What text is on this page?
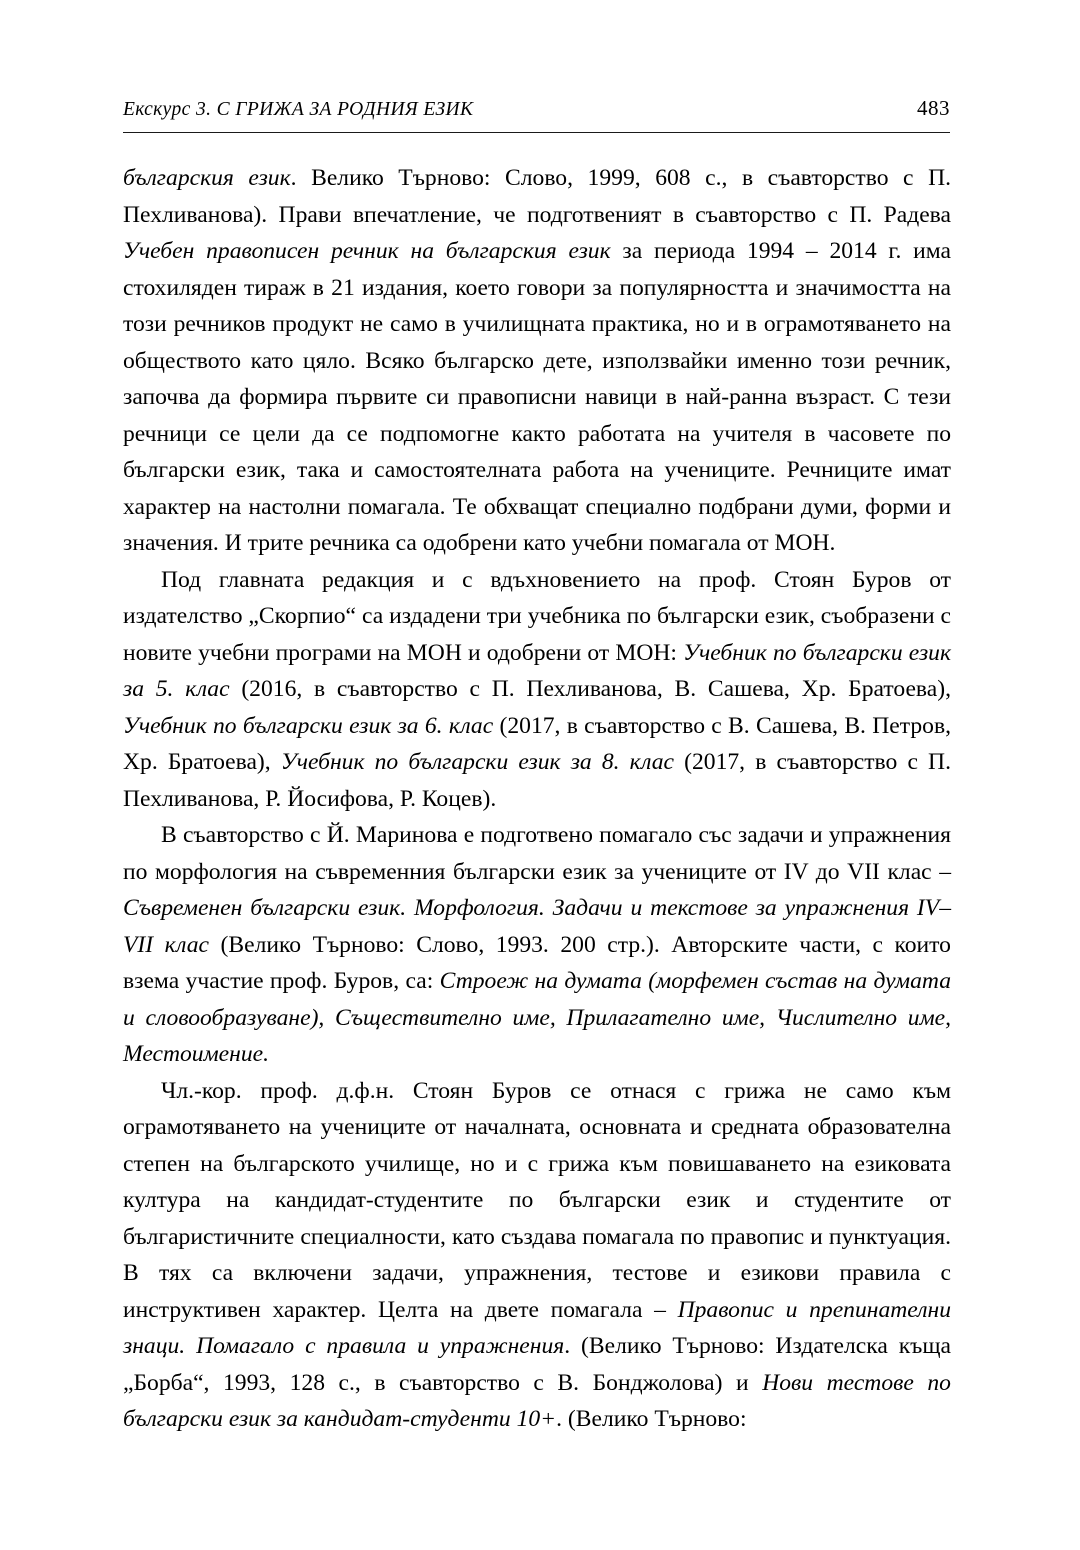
Екскурс 3. С ГРИЖА ЗА РОДНИЯ ЕЗИК	483

българския език. Велико Търново: Слово, 1999, 608 с., в съавторство с П. Пехливанова). Прави впечатление, че подготвеният в съавторство с П. Радева Учебен правописен речник на българския език за периода 1994 – 2014 г. има стохиляден тираж в 21 издания, което говори за популярността и значимостта на този речников продукт не само в училищната практика, но и в ограмотяването на обществото като цяло. Всяко българско дете, използвайки именно този речник, започва да формира първите си правописни навици в най-ранна възраст. С тези речници се цели да се подпомогне както работата на учителя в часовете по български език, така и самостоятелната работа на учениците. Речниците имат характер на настолни помагала. Те обхващат специално подбрани думи, форми и значения. И трите речника са одобрени като учебни помагала от МОН.

Под главната редакция и с вдъхновението на проф. Стоян Буров от издателство „Скорпио“ са издадени три учебника по български език, съобразени с новите учебни програми на МОН и одобрени от МОН: Учебник по български език за 5. клас (2016, в съавторство с П. Пехливанова, В. Сашева, Хр. Братоева), Учебник по български език за 6. клас (2017, в съавторство с В. Сашева, В. Петров, Хр. Братоева), Учебник по български език за 8. клас (2017, в съавторство с П. Пехливанова, Р. Йосифова, Р. Коцев).

В съавторство с Й. Маринова е подготвено помагало със задачи и упражнения по морфология на съвременния български език за учениците от IV до VII клас – Съвременен български език. Морфология. Задачи и текстове за упражнения IV–VII клас (Велико Търново: Слово, 1993. 200 стр.). Авторските части, с които взема участие проф. Буров, са: Строеж на думата (морфемен състав на думата и словообразуване), Съществително име, Прилагателно име, Числително име, Местоимение.

Чл.-кор. проф. д.ф.н. Стоян Буров се отнася с грижа не само към ограмотяването на учениците от началната, основната и средната образователна степен на българското училище, но и с грижа към повишаването на езиковата култура на кандидат-студентите по български език и студентите от българистичните специалности, като създава помагала по правопис и пунктуация. В тях са включени задачи, упражнения, тестове и езикови правила с инструктивен характер. Целта на двете помагала – Правопис и препинателни знаци. Помагало с правила и упражнения. (Велико Търново: Издателска къща „Борба“, 1993, 128 с., в съавторство с В. Бонджолова) и Нови тестове по български език за кандидат-студенти 10+. (Велико Търново:
